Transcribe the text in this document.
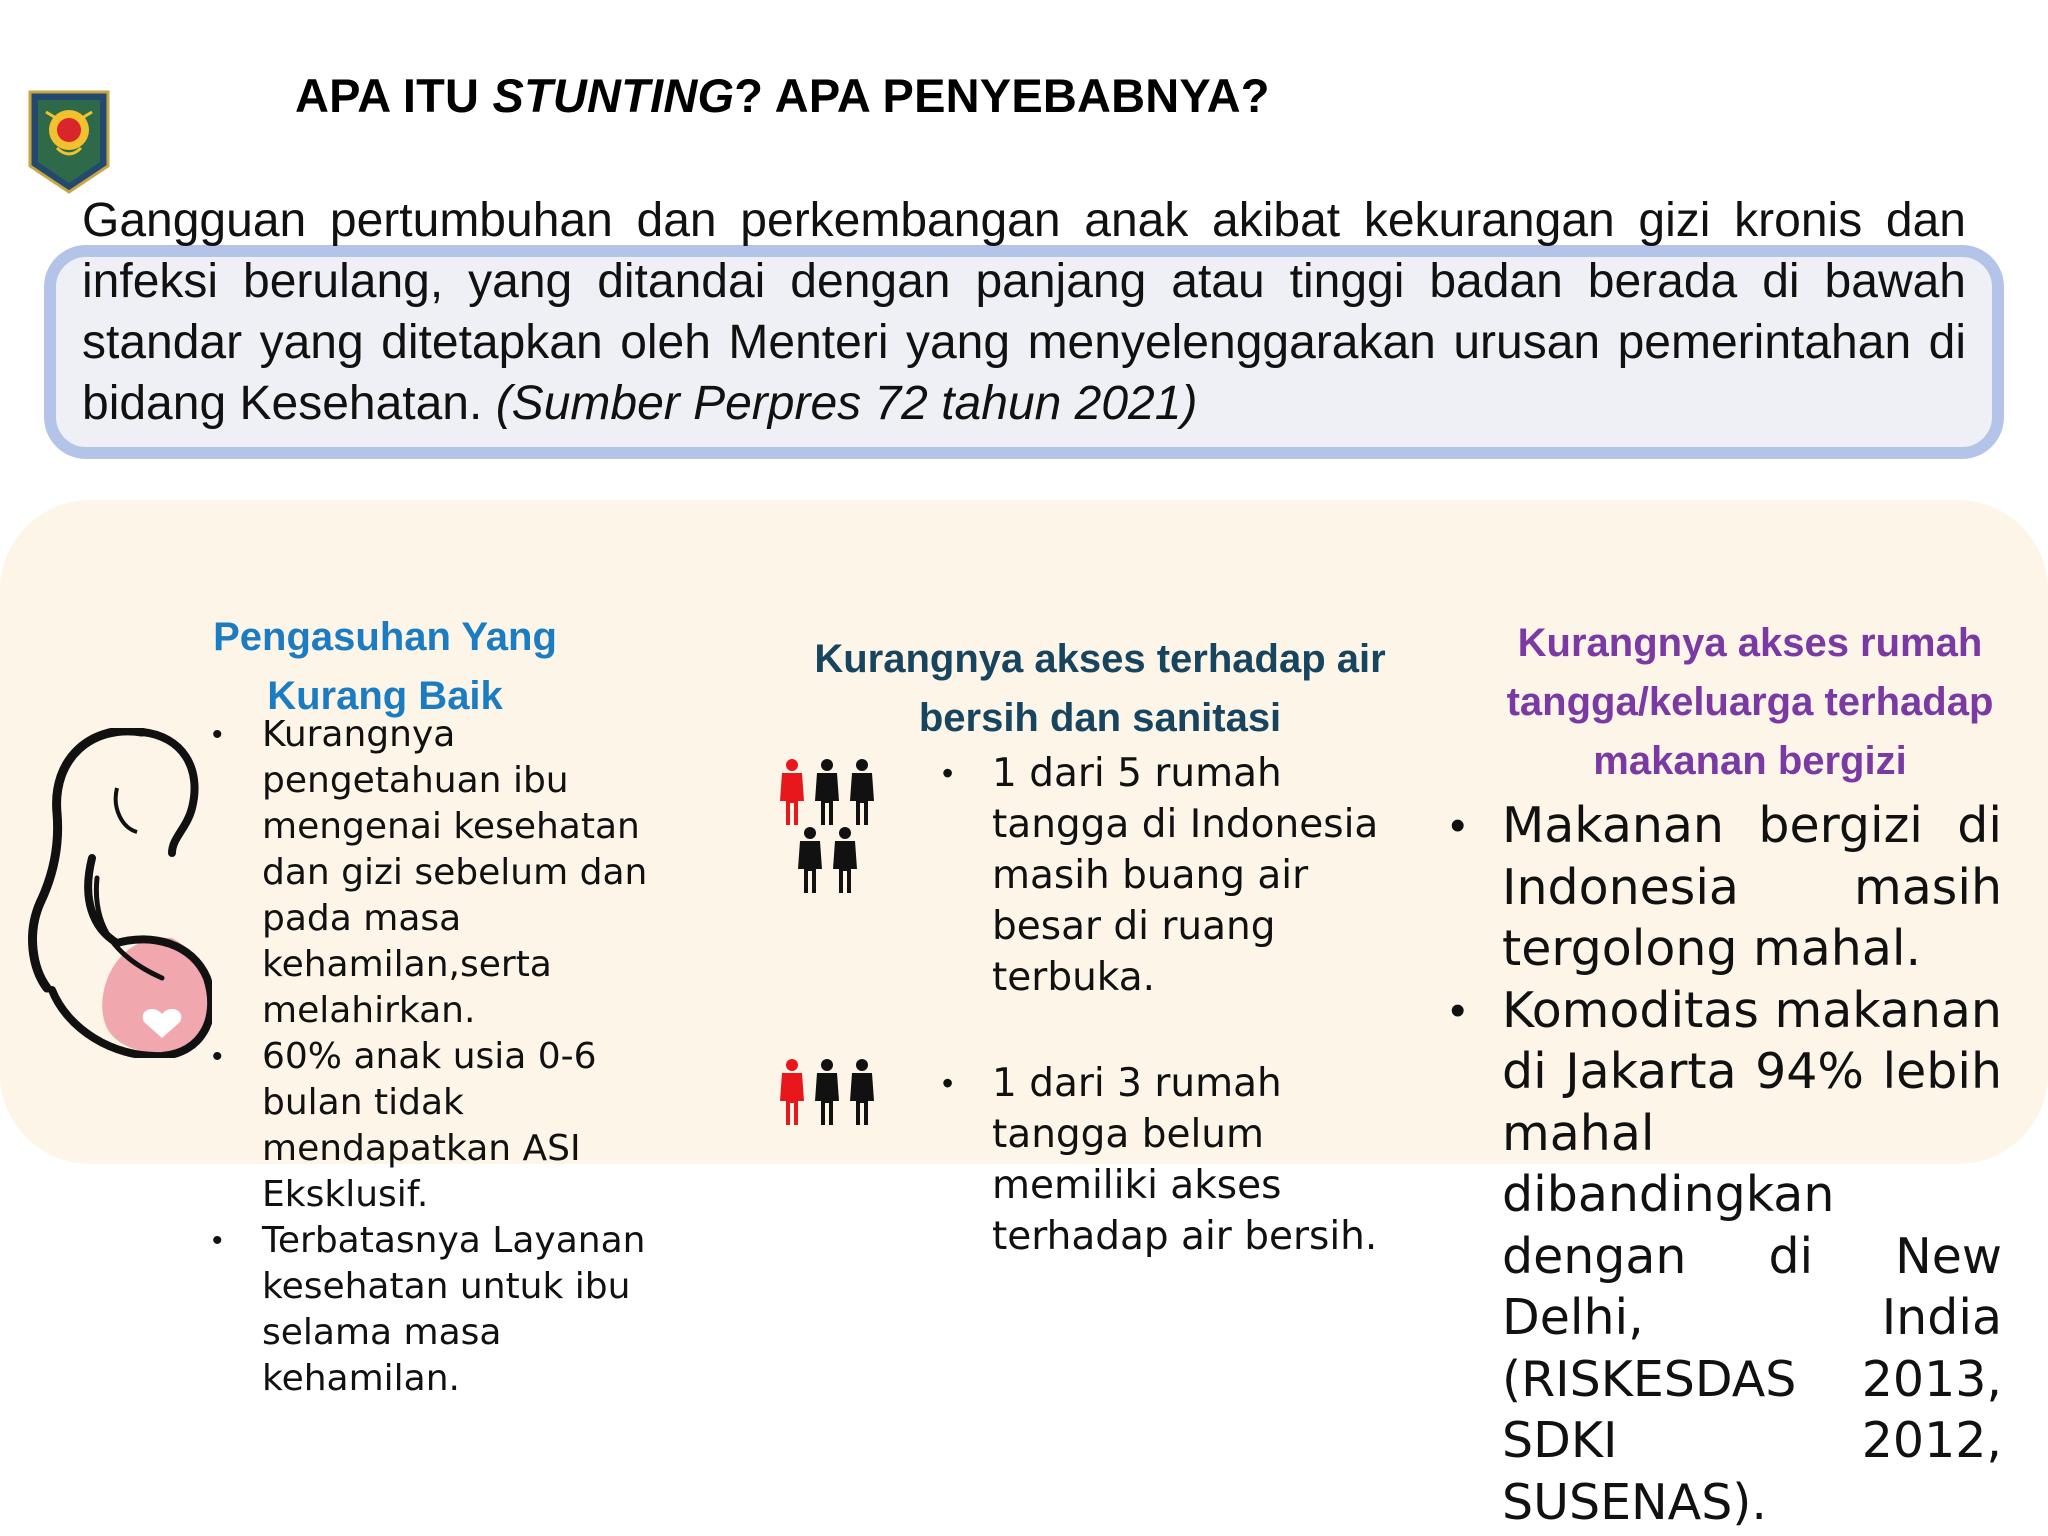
APA ITU STUNTING? APA PENYEBABNYA?

Gangguan pertumbuhan dan perkembangan anak akibat kekurangan gizi kronis dan infeksi berulang, yang ditandai dengan panjang atau tinggi badan berada di bawah standar yang ditetapkan oleh Menteri yang menyelenggarakan urusan pemerintahan di bidang Kesehatan. (Sumber Perpres 72 tahun 2021)

Pengasuhan Yang Kurang Baik
• Kurangnya pengetahuan ibu mengenai kesehatan dan gizi sebelum dan pada masa kehamilan,serta melahirkan.
• 60% anak usia 0-6 bulan tidak mendapatkan ASI Eksklusif.
• Terbatasnya Layanan kesehatan untuk ibu selama masa kehamilan.
Kurangnya akses terhadap air bersih dan sanitasi
• 1 dari 5 rumah tangga di Indonesia masih buang air besar di ruang terbuka.
• 1 dari 3 rumah tangga belum memiliki akses terhadap air bersih.
Kurangnya akses rumah tangga/keluarga terhadap makanan bergizi
• Makanan bergizi di Indonesia masih tergolong mahal.
• Komoditas makanan di Jakarta 94% lebih mahal dibandingkan dengan di New Delhi, India (RISKESDAS 2013, SDKI 2012, SUSENAS).
